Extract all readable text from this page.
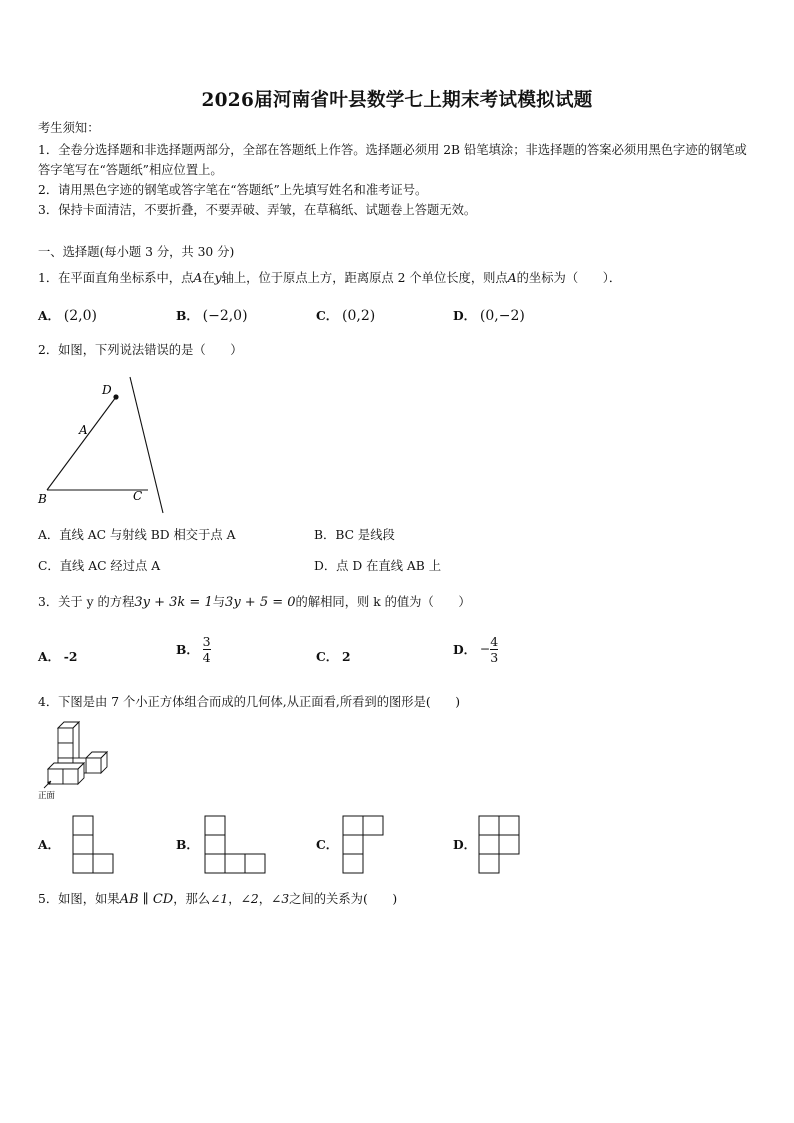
2026届河南省叶县数学七上期末考试模拟试题
考生须知：
1．全卷分选择题和非选择题两部分，全部在答题纸上作答。选择题必须用 2B 铅笔填涂；非选择题的答案必须用黑色字迹的钢笔或答字笔写在“答题纸”相应位置上。
2．请用黑色字迹的钢笔或答字笔在“答题纸”上先填写姓名和准考证号。
3．保持卡面清洁，不要折叠，不要弄破、弄皱，在草稿纸、试题卷上答题无效。
一、选择题(每小题 3 分，共 30 分)
1．在平面直角坐标系中，点A在y轴上，位于原点上方，距离原点 2 个单位长度，则点A的坐标为（　　）．
A． (2,0)	B． (−2,0)	C． (0,2)	D． (0,−2)
2．如图，下列说法错误的是（　　）
D
A
B	C
A．直线 AC 与射线 BD 相交于点 A	B．BC 是线段
C．直线 AC 经过点 A	D．点 D 在直线 AB 上
3．关于 y 的方程3y + 3k = 1与3y + 5 = 0的解相同，则 k 的值为（　　）
A． -2	B． $\frac{3}{4}$	C． 2	D． − $\frac{4}{3}$
4．下图是由 7 个小正方体组合而成的几何体,从正面看,所看到的图形是(　　)
正面
A．	B．	C．	D．
5．如图，如果AB ∥ CD，那么∠1，∠2，∠3之间的关系为(　　)
